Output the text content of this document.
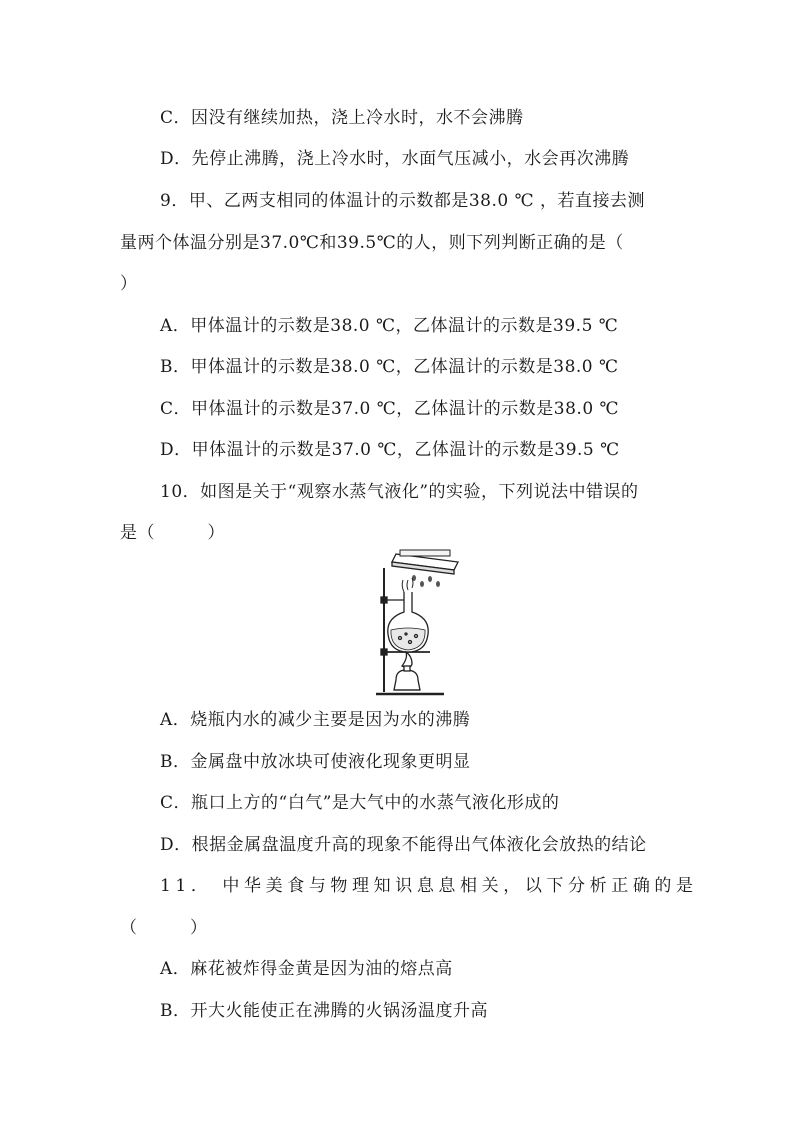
C．因没有继续加热，浇上冷水时，水不会沸腾
D．先停止沸腾，浇上冷水时，水面气压减小，水会再次沸腾
9．甲、乙两支相同的体温计的示数都是38.0 ℃ ，若直接去测
量两个体温分别是37.0℃和39.5℃的人，则下列判断正确的是（
）
A．甲体温计的示数是38.0 ℃，乙体温计的示数是39.5 ℃
B．甲体温计的示数是38.0 ℃，乙体温计的示数是38.0 ℃
C．甲体温计的示数是37.0 ℃，乙体温计的示数是38.0 ℃
D．甲体温计的示数是37.0 ℃，乙体温计的示数是39.5 ℃
10．如图是关于“观察水蒸气液化”的实验，下列说法中错误的
是（　　　）
A．烧瓶内水的减少主要是因为水的沸腾
B．金属盘中放冰块可使液化现象更明显
C．瓶口上方的“白气”是大气中的水蒸气液化形成的
D．根据金属盘温度升高的现象不能得出气体液化会放热的结论
11． 中华美食与物理知识息息相关，以下分析正确的是
（　　　）
A．麻花被炸得金黄是因为油的熔点高
B．开大火能使正在沸腾的火锅汤温度升高
